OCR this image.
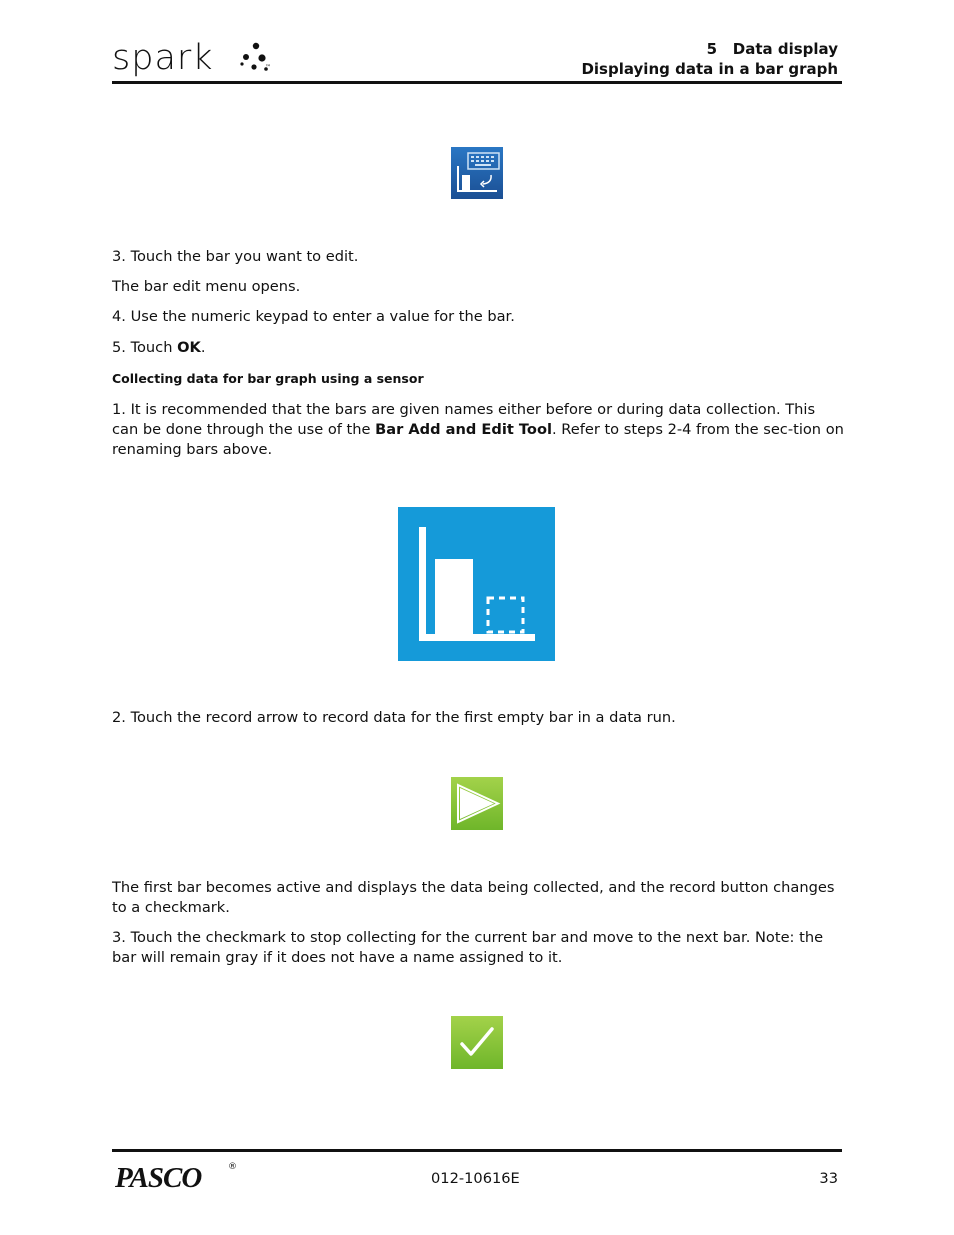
spark	™
5   Data display
Displaying data in a bar graph
3. Touch the bar you want to edit.
The bar edit menu opens.
4. Use the numeric keypad to enter a value for the bar.
5. Touch OK.
Collecting data for bar graph using a sensor
1. It is recommended that the bars are given names either before or during data collection. This can be done through the use of the Bar Add and Edit Tool. Refer to steps 2-4 from the sec-tion on renaming bars above.
2. Touch the record arrow to record data for the first empty bar in a data run.
The first bar becomes active and displays the data being collected, and the record button changes to a checkmark.
3. Touch the checkmark to stop collecting for the current bar and move to the next bar. Note: the bar will remain gray if it does not have a name assigned to it.
PASCO	®
012-10616E	33
